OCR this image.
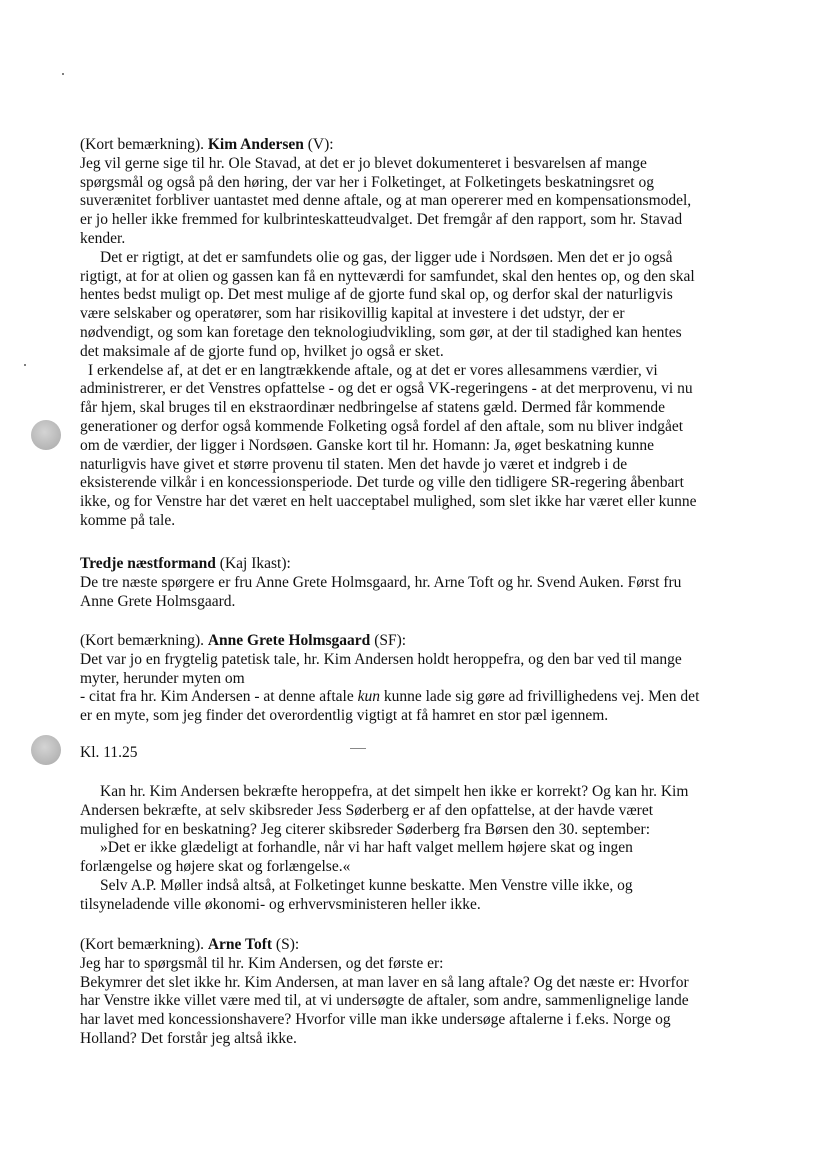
(Kort bemærkning). Kim Andersen (V):
Jeg vil gerne sige til hr. Ole Stavad, at det er jo blevet dokumenteret i besvarelsen af mange
spørgsmål og også på den høring, der var her i Folketinget, at Folketingets beskatningsret og
suverænitet forbliver uantastet med denne aftale, og at man opererer med en kompensationsmodel,
er jo heller ikke fremmed for kulbrinteskatteudvalget. Det fremgår af den rapport, som hr. Stavad
kender.
Det er rigtigt, at det er samfundets olie og gas, der ligger ude i Nordsøen. Men det er jo også
rigtigt, at for at olien og gassen kan få en nytteværdi for samfundet, skal den hentes op, og den skal
hentes bedst muligt op. Det mest mulige af de gjorte fund skal op, og derfor skal der naturligvis
være selskaber og operatører, som har risikovillig kapital at investere i det udstyr, der er
nødvendigt, og som kan foretage den teknologiudvikling, som gør, at der til stadighed kan hentes
det maksimale af de gjorte fund op, hvilket jo også er sket.
I erkendelse af, at det er en langtrækkende aftale, og at det er vores allesammens værdier, vi
administrerer, er det Venstres opfattelse - og det er også VK-regeringens - at det merprovenu, vi nu
får hjem, skal bruges til en ekstraordinær nedbringelse af statens gæld. Dermed får kommende
generationer og derfor også kommende Folketing også fordel af den aftale, som nu bliver indgået
om de værdier, der ligger i Nordsøen. Ganske kort til hr. Homann: Ja, øget beskatning kunne
naturligvis have givet et større provenu til staten. Men det havde jo været et indgreb i de
eksisterende vilkår i en koncessionsperiode. Det turde og ville den tidligere SR-regering åbenbart
ikke, og for Venstre har det været en helt uacceptabel mulighed, som slet ikke har været eller kunne
komme på tale.
Tredje næstformand (Kaj Ikast):
De tre næste spørgere er fru Anne Grete Holmsgaard, hr. Arne Toft og hr. Svend Auken. Først fru
Anne Grete Holmsgaard.
(Kort bemærkning). Anne Grete Holmsgaard (SF):
Det var jo en frygtelig patetisk tale, hr. Kim Andersen holdt heroppefra, og den bar ved til mange
myter, herunder myten om
- citat fra hr. Kim Andersen - at denne aftale kun kunne lade sig gøre ad frivillighedens vej. Men det
er en myte, som jeg finder det overordentlig vigtigt at få hamret en stor pæl igennem.
Kl. 11.25
Kan hr. Kim Andersen bekræfte heroppefra, at det simpelt hen ikke er korrekt? Og kan hr. Kim
Andersen bekræfte, at selv skibsreder Jess Søderberg er af den opfattelse, at der havde været
mulighed for en beskatning? Jeg citerer skibsreder Søderberg fra Børsen den 30. september:
»Det er ikke glædeligt at forhandle, når vi har haft valget mellem højere skat og ingen
forlængelse og højere skat og forlængelse.«
Selv A.P. Møller indså altså, at Folketinget kunne beskatte. Men Venstre ville ikke, og
tilsyneladende ville økonomi- og erhvervsministeren heller ikke.
(Kort bemærkning). Arne Toft (S):
Jeg har to spørgsmål til hr. Kim Andersen, og det første er:
Bekymrer det slet ikke hr. Kim Andersen, at man laver en så lang aftale? Og det næste er: Hvorfor
har Venstre ikke villet være med til, at vi undersøgte de aftaler, som andre, sammenlignelige lande
har lavet med koncessionshavere? Hvorfor ville man ikke undersøge aftalerne i f.eks. Norge og
Holland? Det forstår jeg altså ikke.
